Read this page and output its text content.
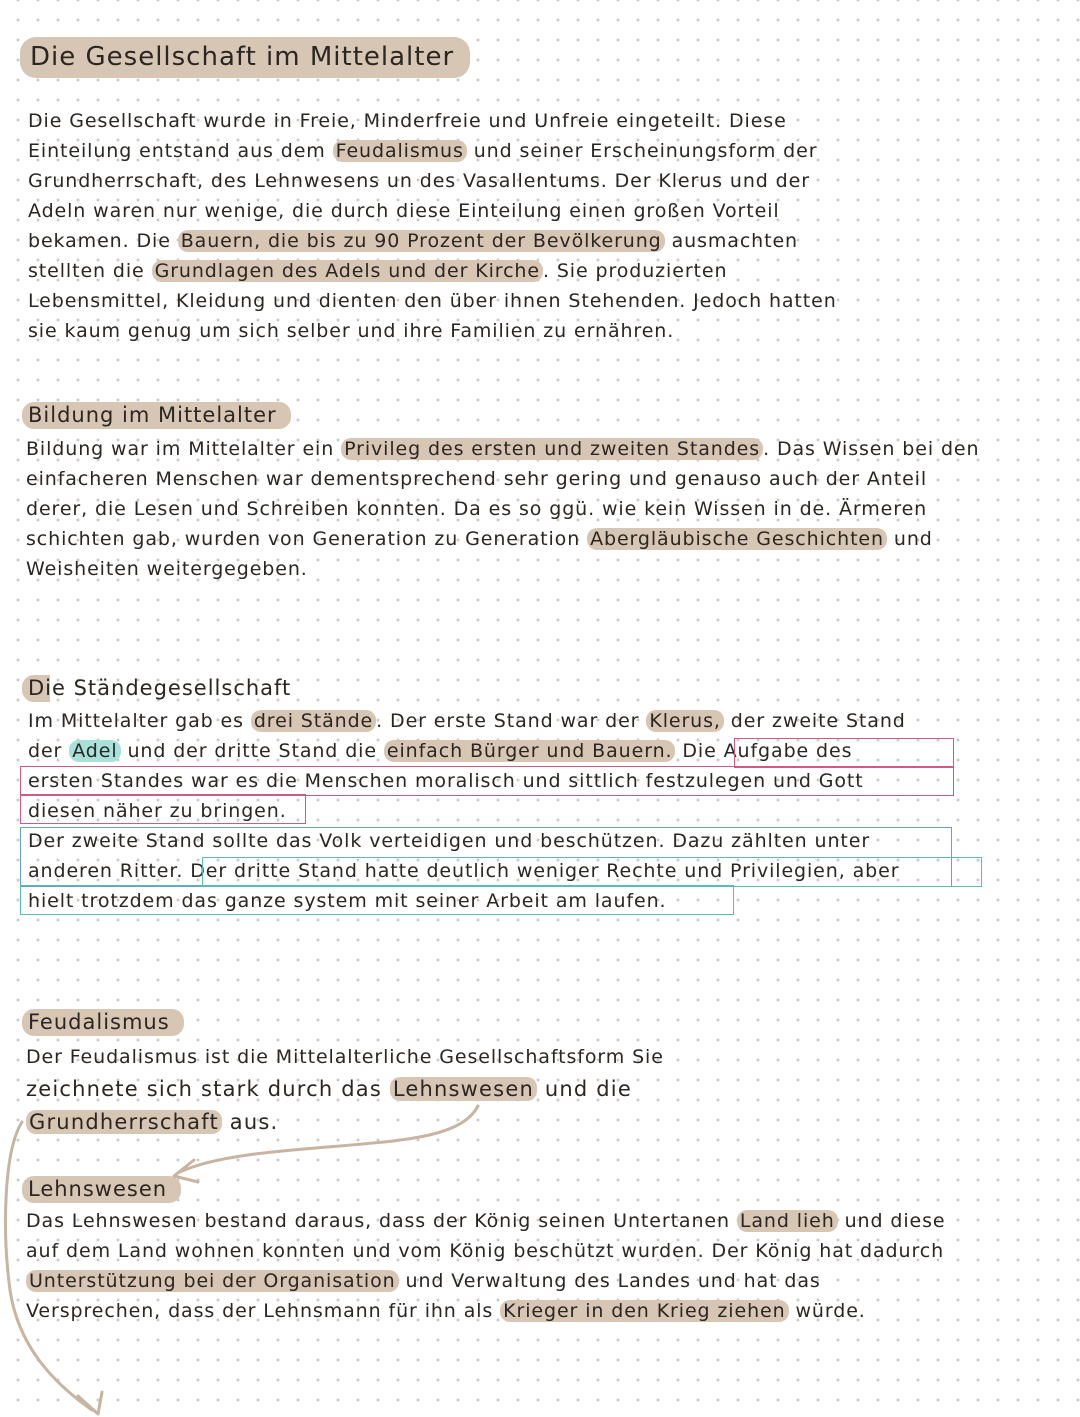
Die Gesellschaft im Mittelalter
Die Gesellschaft wurde in Freie, Minderfreie und Unfreie eingeteilt. Diese
Einteilung entstand aus dem Feudalismus und seiner Erscheinungsform der
Grundherrschaft, des Lehnwesens un des Vasallentums. Der Klerus und der
Adeln waren nur wenige, die durch diese Einteilung einen großen Vorteil
bekamen. Die Bauern, die bis zu 90 Prozent der Bevölkerung ausmachten
stellten die Grundlagen des Adels und der Kirche . Sie produzierten
Lebensmittel, Kleidung und dienten den über ihnen Stehenden. Jedoch hatten
sie kaum genug um sich selber und ihre Familien zu ernähren.
Bildung im Mittelalter
Bildung war im Mittelalter ein Privileg des ersten und zweiten Standes . Das Wissen bei den
einfacheren Menschen war dementsprechend sehr gering und genauso auch der Anteil
derer, die Lesen und Schreiben konnten. Da es so ggü. wie kein Wissen in de. Ärmeren
schichten gab, wurden von Generation zu Generation Abergläubische Geschichten und
Weisheiten weitergegeben.
Die Ständegesellschaft
Im Mittelalter gab es drei Stände . Der erste Stand war der Klerus, der zweite Stand
der Adel und der dritte Stand die einfach Bürger und Bauern. Die Aufgabe des
ersten Standes war es die Menschen moralisch und sittlich festzulegen und Gott
diesen näher zu bringen.
Der zweite Stand sollte das Volk verteidigen und beschützen. Dazu zählten unter
anderen Ritter. Der dritte Stand hatte deutlich weniger Rechte und Privilegien, aber
hielt trotzdem das ganze system mit seiner Arbeit am laufen.
Feudalismus
Der Feudalismus ist die Mittelalterliche Gesellschaftsform Sie
zeichnete sich stark durch das Lehnswesen und die
Grundherrschaft aus.
Lehnswesen
Das Lehnswesen bestand daraus, dass der König seinen Untertanen Land lieh und diese
auf dem Land wohnen konnten und vom König beschützt wurden. Der König hat dadurch
Unterstützung bei der Organisation und Verwaltung des Landes und hat das
Versprechen, dass der Lehnsmann für ihn als Krieger in den Krieg ziehen würde.
